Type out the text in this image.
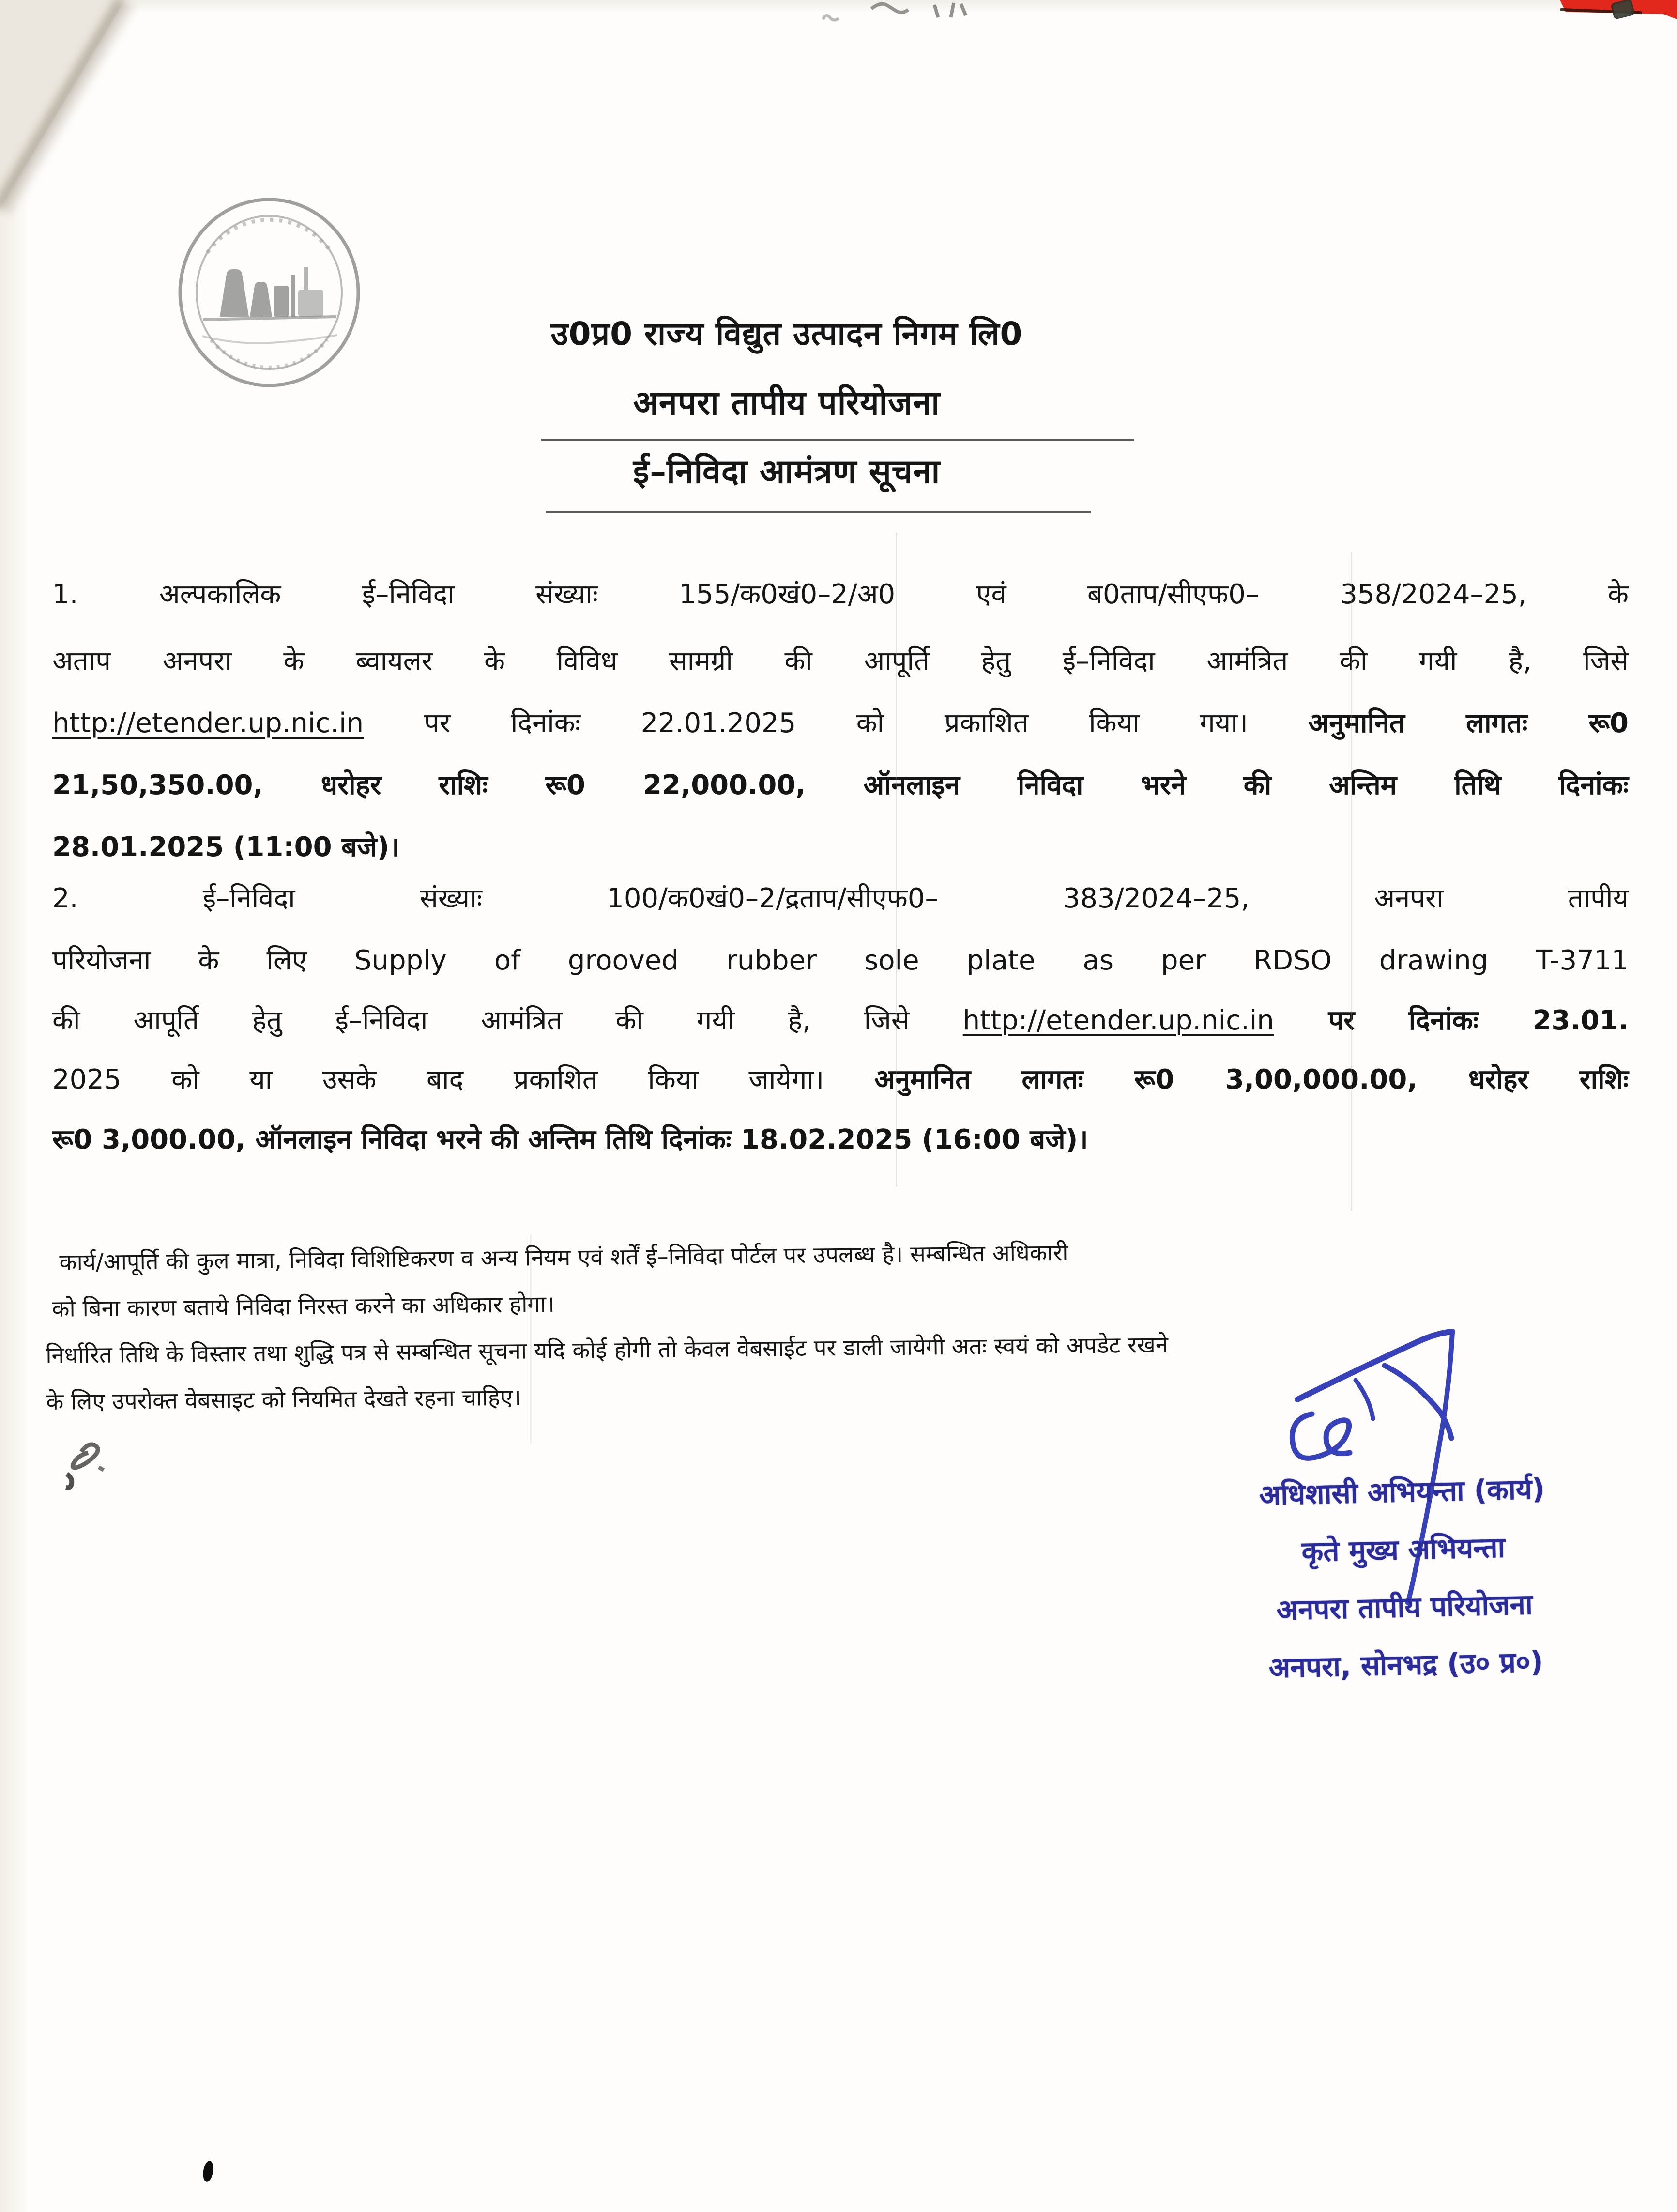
उ0प्र0 राज्य विद्युत उत्पादन निगम लि0
अनपरा तापीय परियोजना
ई–निविदा आमंत्रण सूचना
1. अल्पकालिक ई–निविदा संख्याः 155/क0खं0–2/अ0 एवं ब0ताप/सीएफ0– 358/2024–25, के
अताप अनपरा के ब्वायलर के विविध सामग्री की आपूर्ति हेतु ई–निविदा आमंत्रित की गयी है, जिसे
http://etender.up.nic.in पर दिनांकः 22.01.2025 को प्रकाशित किया गया। अनुमानित लागतः रू0
21,50,350.00, धरोहर राशिः रू0 22,000.00, ऑनलाइन निविदा भरने की अन्तिम तिथि दिनांकः
28.01.2025 (11:00 बजे)।
2. ई–निविदा संख्याः 100/क0खं0–2/द्रताप/सीएफ0– 383/2024–25, अनपरा तापीय
परियोजना के लिए Supply of grooved rubber sole plate as per RDSO drawing T-3711
की आपूर्ति हेतु ई–निविदा आमंत्रित की गयी है, जिसे http://etender.up.nic.in पर दिनांकः 23.01.
2025 को या उसके बाद प्रकाशित किया जायेगा। अनुमानित लागतः रू0 3,00,000.00, धरोहर राशिः
रू0 3,000.00, ऑनलाइन निविदा भरने की अन्तिम तिथि दिनांकः 18.02.2025 (16:00 बजे)।
कार्य/आपूर्ति की कुल मात्रा, निविदा विशिष्टिकरण व अन्य नियम एवं शर्तें ई–निविदा पोर्टल पर उपलब्ध है। सम्बन्धित अधिकारी
को बिना कारण बताये निविदा निरस्त करने का अधिकार होगा।
निर्धारित तिथि के विस्तार तथा शुद्धि पत्र से सम्बन्धित सूचना यदि कोई होगी तो केवल वेबसाईट पर डाली जायेगी अतः स्वयं को अपडेट रखने
के लिए उपरोक्त वेबसाइट को नियमित देखते रहना चाहिए।
अधिशासी अभियन्ता (कार्य)
कृते मुख्य अभियन्ता
अनपरा तापीय परियोजना
अनपरा, सोनभद्र (उ० प्र०)
